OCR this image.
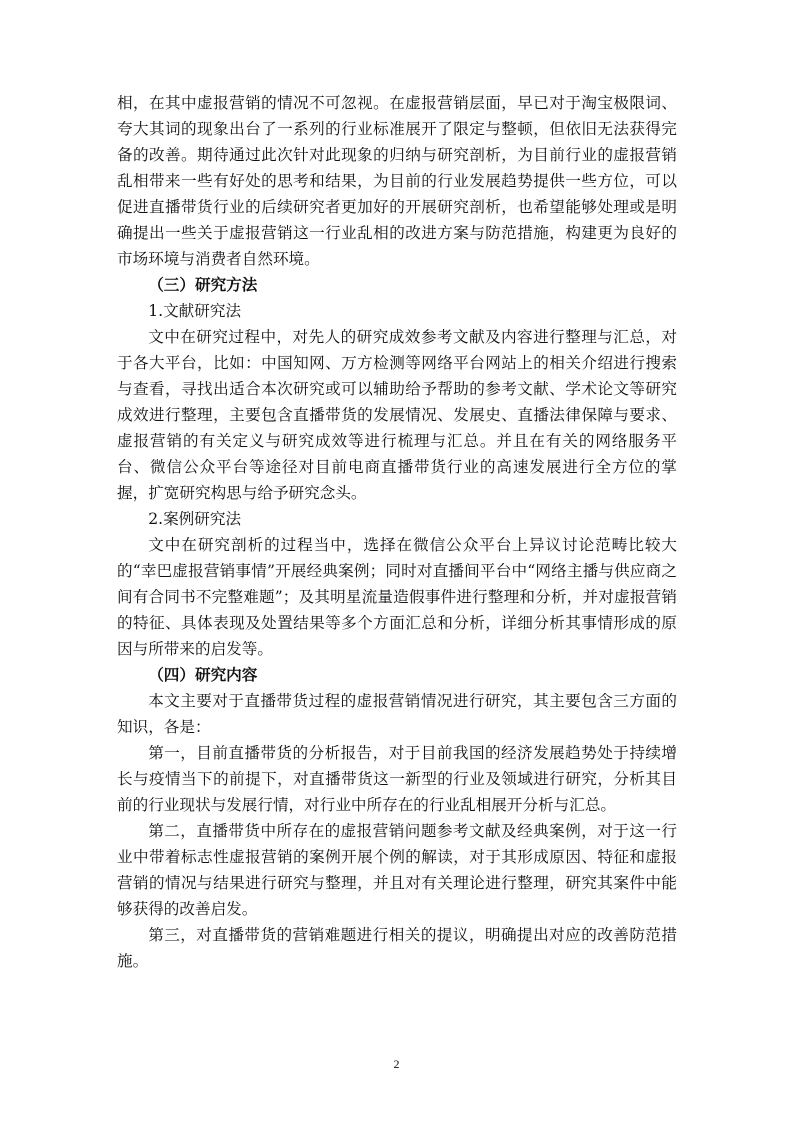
相，在其中虚报营销的情况不可忽视。在虚报营销层面，早已对于淘宝极限词、夸大其词的现象出台了一系列的行业标准展开了限定与整顿，但依旧无法获得完备的改善。期待通过此次针对此现象的归纳与研究剖析，为目前行业的虚报营销乱相带来一些有好处的思考和结果，为目前的行业发展趋势提供一些方位，可以促进直播带货行业的后续研究者更加好的开展研究剖析，也希望能够处理或是明确提出一些关于虚报营销这一行业乱相的改进方案与防范措施，构建更为良好的市场环境与消费者自然环境。

（三）研究方法

1.文献研究法

文中在研究过程中，对先人的研究成效参考文献及内容进行整理与汇总，对于各大平台，比如：中国知网、万方检测等网络平台网站上的相关介绍进行搜索与查看，寻找出适合本次研究或可以辅助给予帮助的参考文献、学术论文等研究成效进行整理，主要包含直播带货的发展情况、发展史、直播法律保障与要求、虚报营销的有关定义与研究成效等进行梳理与汇总。并且在有关的网络服务平台、微信公众平台等途径对目前电商直播带货行业的高速发展进行全方位的掌握，扩宽研究构思与给予研究念头。

2.案例研究法

文中在研究剖析的过程当中，选择在微信公众平台上异议讨论范畴比较大的“幸巴虚报营销事情”开展经典案例；同时对直播间平台中“网络主播与供应商之间有合同书不完整难题”；及其明星流量造假事件进行整理和分析，并对虚报营销的特征、具体表现及处置结果等多个方面汇总和分析，详细分析其事情形成的原因与所带来的启发等。

（四）研究内容

本文主要对于直播带货过程的虚报营销情况进行研究，其主要包含三方面的知识，各是：

第一，目前直播带货的分析报告，对于目前我国的经济发展趋势处于持续增长与疫情当下的前提下，对直播带货这一新型的行业及领域进行研究，分析其目前的行业现状与发展行情，对行业中所存在的行业乱相展开分析与汇总。

第二，直播带货中所存在的虚报营销问题参考文献及经典案例，对于这一行业中带着标志性虚报营销的案例开展个例的解读，对于其形成原因、特征和虚报营销的情况与结果进行研究与整理，并且对有关理论进行整理，研究其案件中能够获得的改善启发。

第三，对直播带货的营销难题进行相关的提议，明确提出对应的改善防范措施。

2
